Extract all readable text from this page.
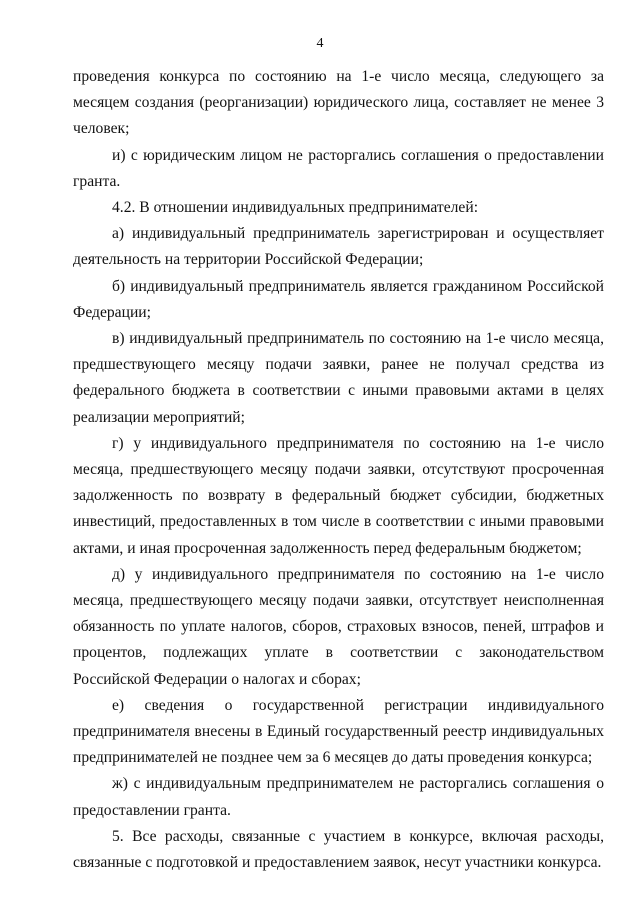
4

проведения конкурса по состоянию на 1-е число месяца, следующего за месяцем создания (реорганизации) юридического лица, составляет не менее 3 человек;

и) с юридическим лицом не расторгались соглашения о предоставлении гранта.

4.2. В отношении индивидуальных предпринимателей:

а) индивидуальный предприниматель зарегистрирован и осуществляет деятельность на территории Российской Федерации;

б) индивидуальный предприниматель является гражданином Российской Федерации;

в) индивидуальный предприниматель по состоянию на 1-е число месяца, предшествующего месяцу подачи заявки, ранее не получал средства из федерального бюджета в соответствии с иными правовыми актами в целях реализации мероприятий;

г) у индивидуального предпринимателя по состоянию на 1-е число месяца, предшествующего месяцу подачи заявки, отсутствуют просроченная задолженность по возврату в федеральный бюджет субсидии, бюджетных инвестиций, предоставленных в том числе в соответствии с иными правовыми актами, и иная просроченная задолженность перед федеральным бюджетом;

д) у индивидуального предпринимателя по состоянию на 1-е число месяца, предшествующего месяцу подачи заявки, отсутствует неисполненная обязанность по уплате налогов, сборов, страховых взносов, пеней, штрафов и процентов, подлежащих уплате в соответствии с законодательством Российской Федерации о налогах и сборах;

е) сведения о государственной регистрации индивидуального предпринимателя внесены в Единый государственный реестр индивидуальных предпринимателей не позднее чем за 6 месяцев до даты проведения конкурса;

ж) с индивидуальным предпринимателем не расторгались соглашения о предоставлении гранта.

5. Все расходы, связанные с участием в конкурсе, включая расходы, связанные с подготовкой и предоставлением заявок, несут участники конкурса.
